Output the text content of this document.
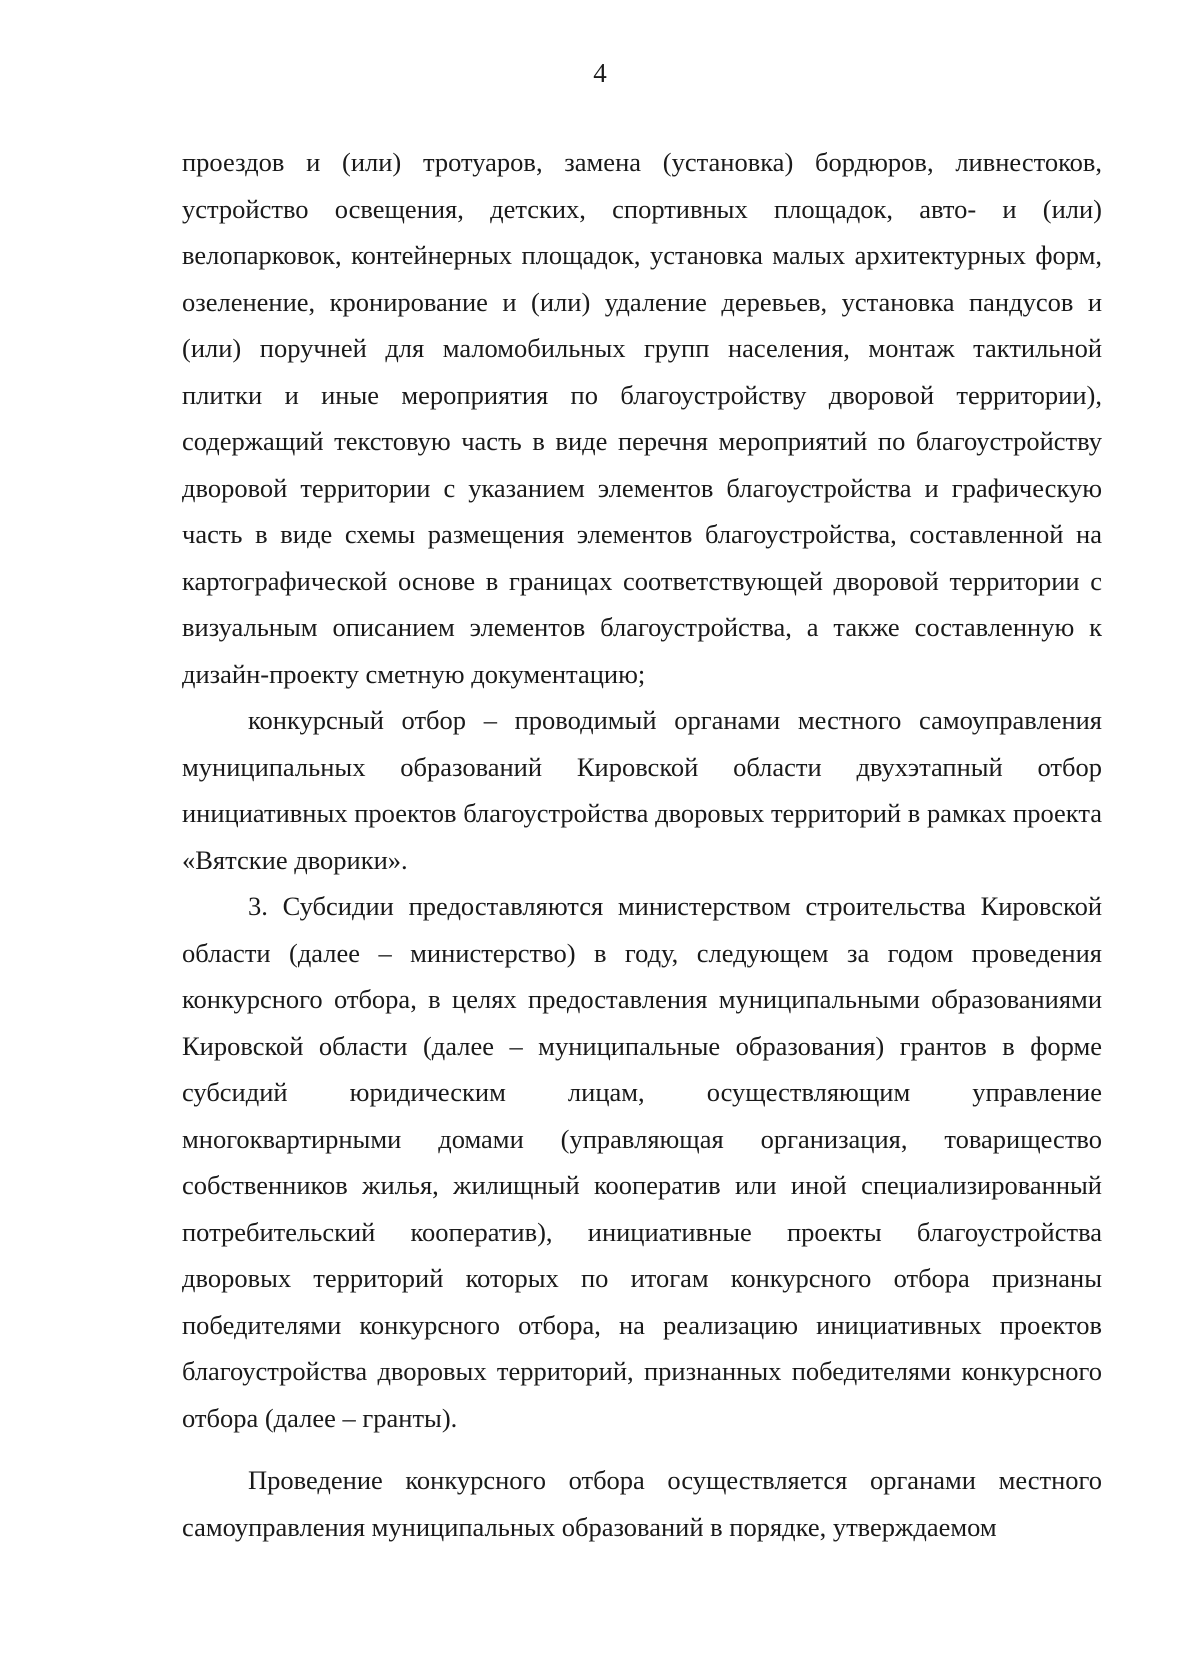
4

проездов и (или) тротуаров, замена (установка) бордюров, ливнестоков, устройство освещения, детских, спортивных площадок, авто- и (или) велопарковок, контейнерных площадок, установка малых архитектурных форм, озеленение, кронирование и (или) удаление деревьев, установка пандусов и (или) поручней для маломобильных групп населения, монтаж тактильной плитки и иные мероприятия по благоустройству дворовой территории), содержащий текстовую часть в виде перечня мероприятий по благоустройству дворовой территории с указанием элементов благоустройства и графическую часть в виде схемы размещения элементов благоустройства, составленной на картографической основе в границах соответствующей дворовой территории с визуальным описанием элементов благоустройства, а также составленную к дизайн-проекту сметную документацию;

конкурсный отбор – проводимый органами местного самоуправления муниципальных образований Кировской области двухэтапный отбор инициативных проектов благоустройства дворовых территорий в рамках проекта «Вятские дворики».

3. Субсидии предоставляются министерством строительства Кировской области (далее – министерство) в году, следующем за годом проведения конкурсного отбора, в целях предоставления муниципальными образованиями Кировской области (далее – муниципальные образования) грантов в форме субсидий юридическим лицам, осуществляющим управление многоквартирными домами (управляющая организация, товарищество собственников жилья, жилищный кооператив или иной специализированный потребительский кооператив), инициативные проекты благоустройства дворовых территорий которых по итогам конкурсного отбора признаны победителями конкурсного отбора, на реализацию инициативных проектов благоустройства дворовых территорий, признанных победителями конкурсного отбора (далее – гранты).

Проведение конкурсного отбора осуществляется органами местного самоуправления муниципальных образований в порядке, утверждаемом
